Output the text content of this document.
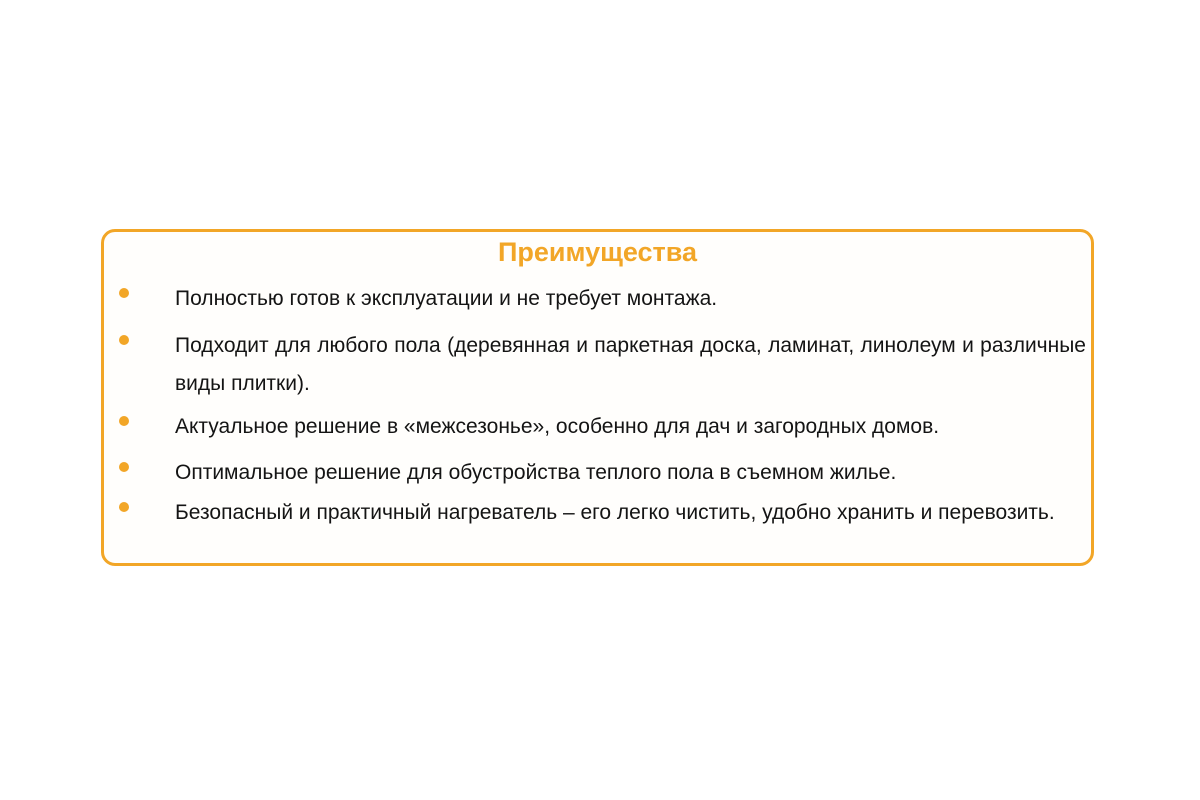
Преимущества
Полностью готов к эксплуатации и не требует монтажа.
Подходит для любого пола (деревянная и паркетная доска, ламинат, линолеум и различные виды плитки).
Актуальное решение в «межсезонье», особенно для дач и загородных домов.
Оптимальное решение для обустройства теплого пола в съемном жилье.
Безопасный и практичный нагреватель – его легко чистить, удобно хранить и перевозить.
